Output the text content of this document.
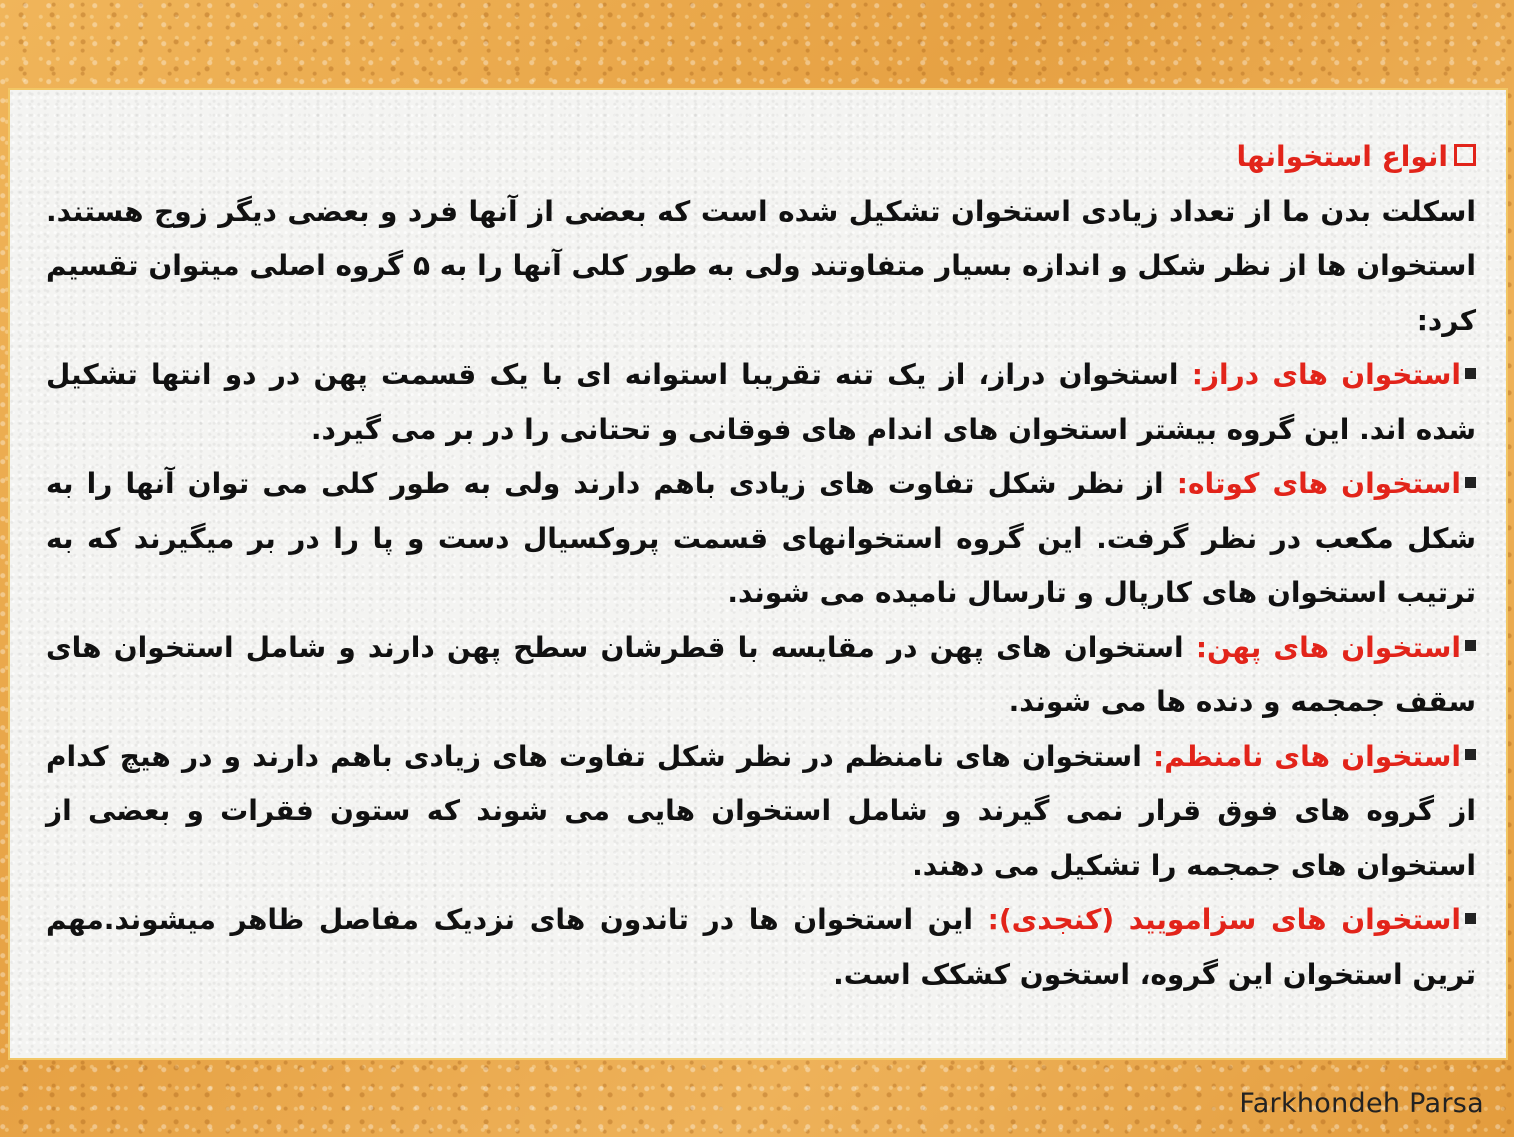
انواع استخوانها

اسکلت بدن ما از تعداد زیادی استخوان تشکیل شده است که بعضی از آنها فرد و بعضی دیگر زوج هستند. استخوان ها از نظر شکل و اندازه بسیار متفاوتند ولی به طور کلی آنها را به ۵ گروه اصلی میتوان تقسیم کرد:

استخوان های دراز: استخوان دراز، از یک تنه تقریبا استوانه ای با یک قسمت پهن در دو انتها تشکیل شده اند. این گروه بیشتر استخوان های اندام های فوقانی و تحتانی را در بر می گیرد.

استخوان های کوتاه: از نظر شکل تفاوت های زیادی باهم دارند ولی به طور کلی می توان آنها را به شکل مکعب در نظر گرفت. این گروه استخوانهای قسمت پروکسیال دست و پا را در بر میگیرند که به ترتیب استخوان های کارپال و تارسال نامیده می شوند.

استخوان های پهن: استخوان های پهن در مقایسه با قطرشان سطح پهن دارند و شامل استخوان های سقف جمجمه و دنده ها می شوند.

استخوان های نامنظم: استخوان های نامنظم در نظر شکل تفاوت های زیادی باهم دارند و در هیچ کدام از گروه های فوق قرار نمی گیرند و شامل استخوان هایی می شوند که ستون فقرات و بعضی از استخوان های جمجمه را تشکیل می دهند.

استخوان های سزامویید (کنجدی): این استخوان ها در تاندون های نزدیک مفاصل ظاهر میشوند.مهم ترین استخوان این گروه، استخون کشکک است.

Farkhondeh Parsa
